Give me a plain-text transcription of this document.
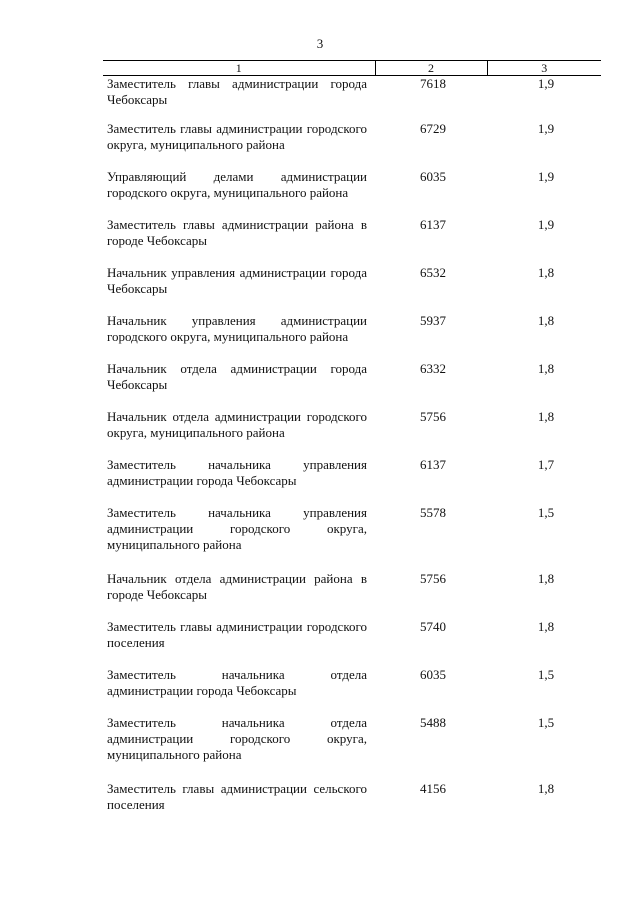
3
1	2	3
Заместитель главы администрации города Чебоксары	7618	1,9
Заместитель главы администрации городского округа, муниципального района	6729	1,9
Управляющий делами администрации городского округа, муниципального района	6035	1,9
Заместитель главы администрации района в городе Чебоксары	6137	1,9
Начальник управления администрации города Чебоксары	6532	1,8
Начальник управления администрации городского округа, муниципального района	5937	1,8
Начальник отдела администрации города Чебоксары	6332	1,8
Начальник отдела администрации городского округа, муниципального района	5756	1,8
Заместитель начальника управления администрации города Чебоксары	6137	1,7
Заместитель начальника управления администрации городского округа, муниципального района	5578	1,5
Начальник отдела администрации района в городе Чебоксары	5756	1,8
Заместитель главы администрации городского поселения	5740	1,8
Заместитель начальника отдела администрации города Чебоксары	6035	1,5
Заместитель начальника отдела администрации городского округа, муниципального района	5488	1,5
Заместитель главы администрации сельского поселения	4156	1,8
